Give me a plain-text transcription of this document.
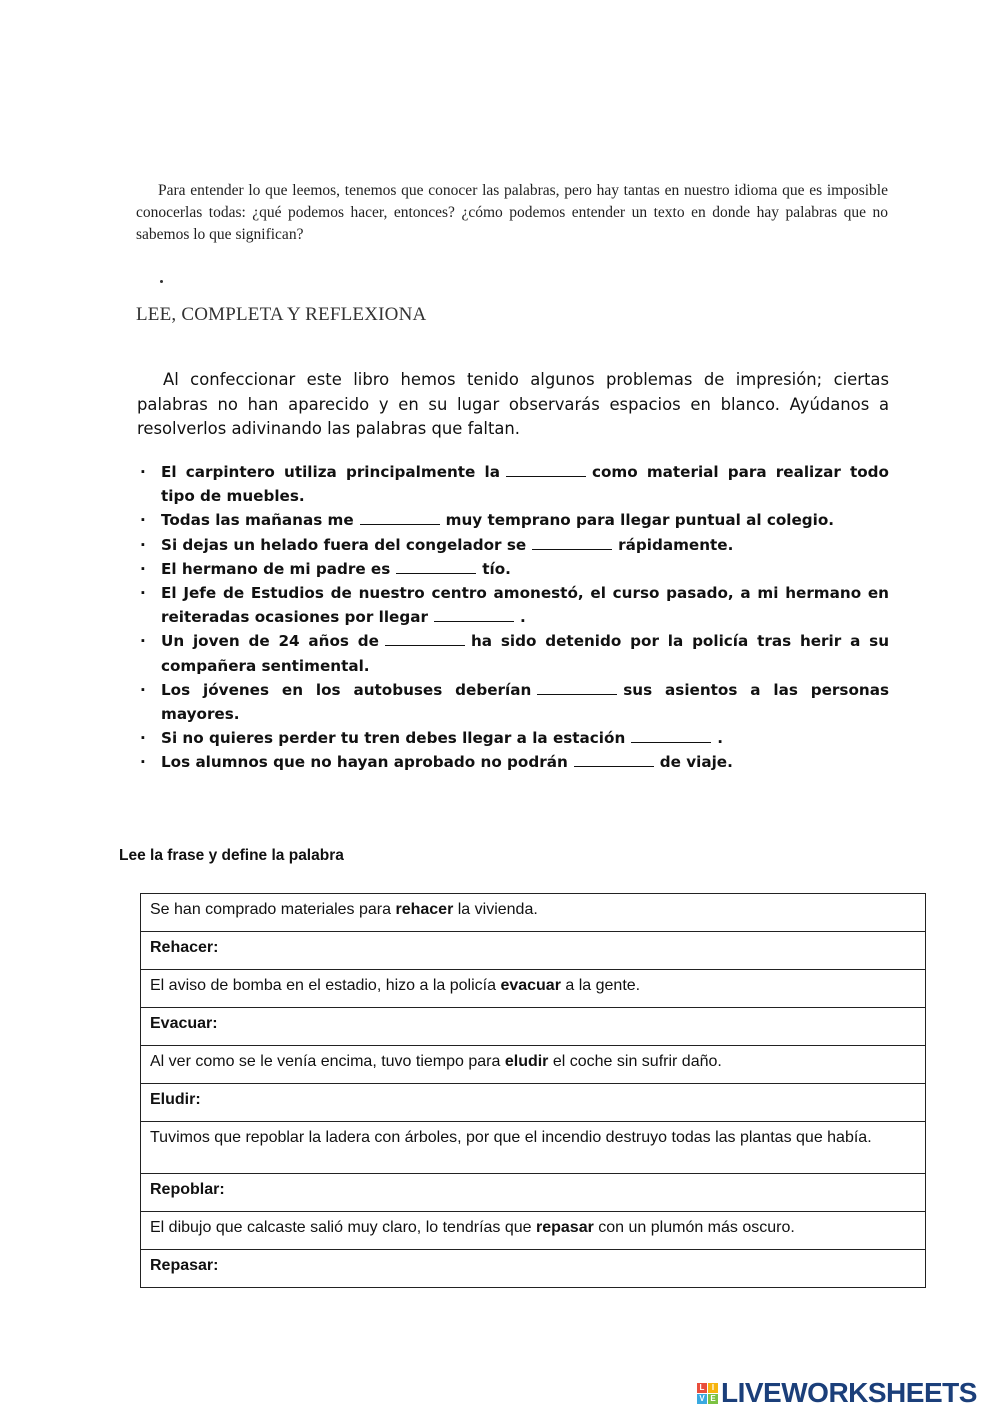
Para entender lo que leemos, tenemos que conocer las palabras, pero hay tantas en nuestro idioma que es imposible conocerlas todas: ¿qué podemos hacer, entonces? ¿cómo podemos entender un texto en donde hay palabras que no sabemos lo que significan?

LEE, COMPLETA Y REFLEXIONA

Al confeccionar este libro hemos tenido algunos problemas de impresión; ciertas palabras no han aparecido y en su lugar observarás espacios en blanco. Ayúdanos a resolverlos adivinando las palabras que faltan.

· El carpintero utiliza principalmente la	como material para realizar todo tipo de muebles.
· Todas las mañanas me	muy temprano para llegar puntual al colegio.
· Si dejas un helado fuera del congelador se	rápidamente.
· El hermano de mi padre es	tío.
· El Jefe de Estudios de nuestro centro amonestó, el curso pasado, a mi hermano en reiteradas ocasiones por llegar	.
· Un joven de 24 años de	ha sido detenido por la policía tras herir a su compañera sentimental.
· Los jóvenes en los autobuses deberían	sus asientos a las personas mayores.
· Si no quieres perder tu tren debes llegar a la estación	.
· Los alumnos que no hayan aprobado no podrán	de viaje.
Lee la frase y define la palabra
Se han comprado materiales para rehacer la vivienda.
Rehacer:
El aviso de bomba en el estadio, hizo a la policía evacuar a la gente.
Evacuar:
Al ver como se le venía encima, tuvo tiempo para eludir el coche sin sufrir daño.
Eludir:
Tuvimos que repoblar la ladera con árboles, por que el incendio destruyo todas las plantas que había.
Repoblar:
El dibujo que calcaste salió muy claro, lo tendrías que repasar con un plumón más oscuro.
Repasar:
L I
V E LIVEWORKSHEETS
